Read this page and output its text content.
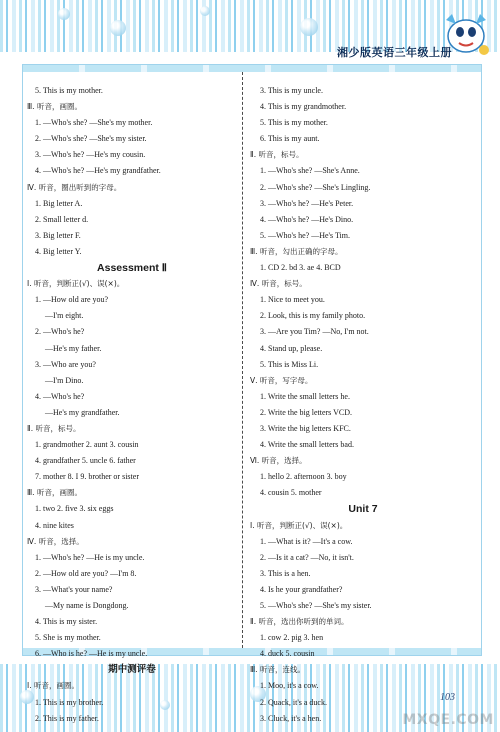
湘少版英语三年级上册
5. This is my mother.
Ⅲ. 听音，画圈。
1. —Who's she? —She's my mother.
2. —Who's she? —She's my sister.
3. —Who's he? —He's my cousin.
4. —Who's he? —He's my grandfather.
Ⅳ. 听音，圈出听到的字母。
1. Big letter A.
2. Small letter d.
3. Big letter F.
4. Big letter Y.
Assessment Ⅱ
Ⅰ. 听音，判断正(√)、误(×)。
1. —How old are you?
—I'm eight.
2. —Who's he?
—He's my father.
3. —Who are you?
—I'm Dino.
4. —Who's he?
—He's my grandfather.
Ⅱ. 听音，标号。
1. grandmother 2. aunt 3. cousin
4. grandfather 5. uncle 6. father
7. mother 8. I 9. brother or sister
Ⅲ. 听音，画圈。
1. two 2. five 3. six eggs
4. nine kites
Ⅳ. 听音，选择。
1. —Who's he? —He is my uncle.
2. —How old are you? —I'm 8.
3. —What's your name?
—My name is Dongdong.
4. This is my sister.
5. She is my mother.
6. —Who is he? —He is my uncle.
期中测评卷
Ⅰ. 听音，画圈。
1. This is my brother.
2. This is my father.
3. This is my uncle.
4. This is my grandmother.
5. This is my mother.
6. This is my aunt.
Ⅱ. 听音，标号。
1. —Who's she? —She's Anne.
2. —Who's she? —She's Lingling.
3. —Who's he? —He's Peter.
4. —Who's he? —He's Dino.
5. —Who's he? —He's Tim.
Ⅲ. 听音，勾出正确的字母。
1. CD 2. bd 3. ae 4. BCD
Ⅳ. 听音，标号。
1. Nice to meet you.
2. Look, this is my family photo.
3. —Are you Tim? —No, I'm not.
4. Stand up, please.
5. This is Miss Li.
Ⅴ. 听音，写字母。
1. Write the small letters he.
2. Write the big letters VCD.
3. Write the big letters KFC.
4. Write the small letters bad.
Ⅵ. 听音，选择。
1. hello 2. afternoon 3. boy
4. cousin 5. mother
Unit 7
Ⅰ. 听音，判断正(√)、误(×)。
1. —What is it? —It's a cow.
2. —Is it a cat? —No, it isn't.
3. This is a hen.
4. Is he your grandfather?
5. —Who's she? —She's my sister.
Ⅱ. 听音，选出你听到的单词。
1. cow 2. pig 3. hen
4. duck 5. cousin
Ⅲ. 听音，连线。
1. Moo, it's a cow.
2. Quack, it's a duck.
3. Cluck, it's a hen.
103
MXQE.COM
